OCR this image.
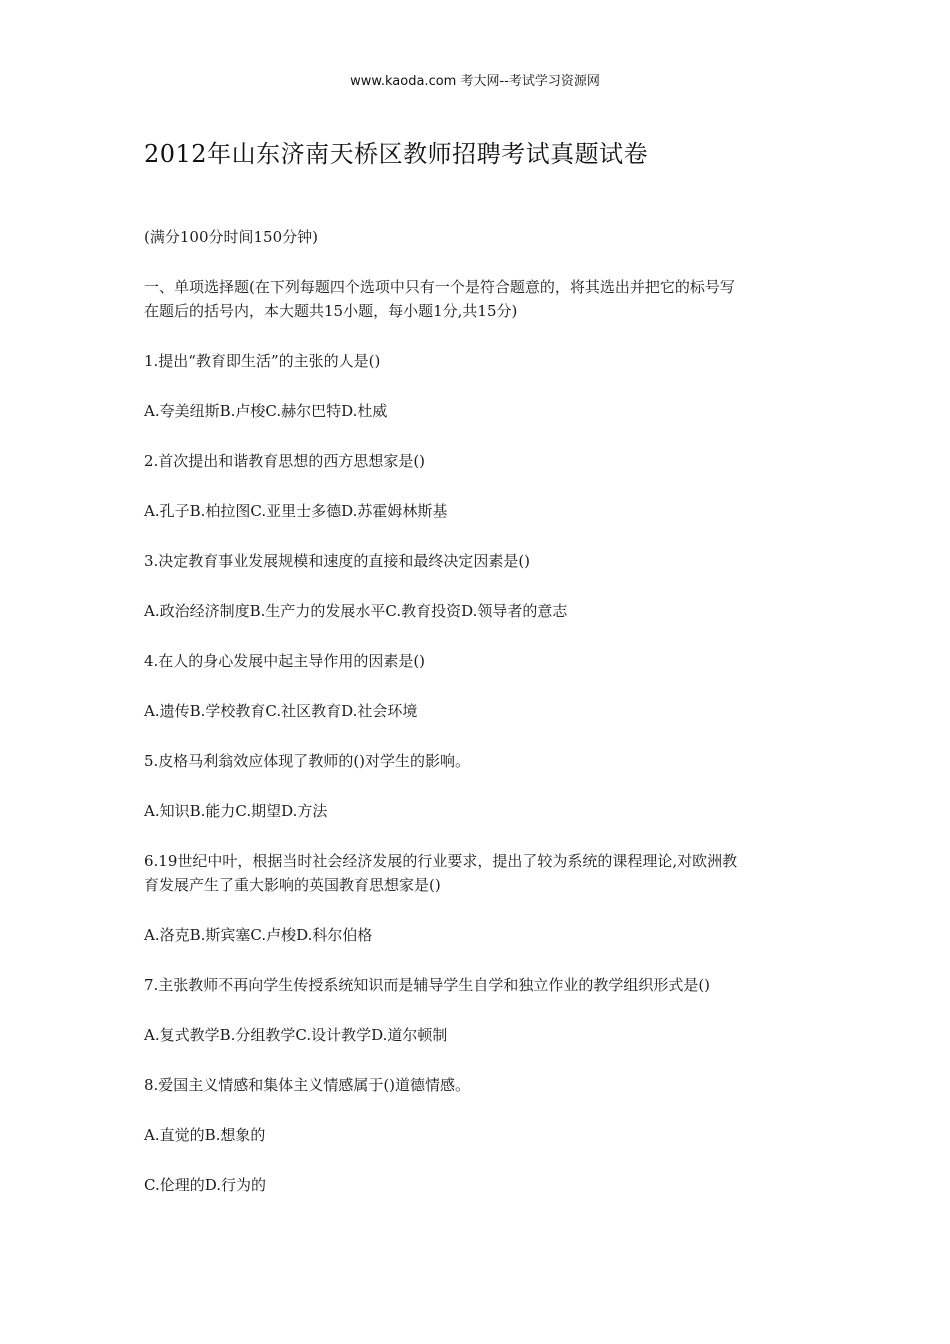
www.kaoda.com 考大网--考试学习资源网
2012年山东济南天桥区教师招聘考试真题试卷
(满分100分时间150分钟)
一、单项选择题(在下列每题四个选项中只有一个是符合题意的，将其选出并把它的标号写
在题后的括号内，本大题共15小题，每小题1分,共15分)
1.提出“教育即生活”的主张的人是()
A.夸美纽斯B.卢梭C.赫尔巴特D.杜威
2.首次提出和谐教育思想的西方思想家是()
A.孔子B.柏拉图C.亚里士多德D.苏霍姆林斯基
3.决定教育事业发展规模和速度的直接和最终决定因素是()
A.政治经济制度B.生产力的发展水平C.教育投资D.领导者的意志
4.在人的身心发展中起主导作用的因素是()
A.遗传B.学校教育C.社区教育D.社会环境
5.皮格马利翁效应体现了教师的()对学生的影响。
A.知识B.能力C.期望D.方法
6.19世纪中叶，根据当时社会经济发展的行业要求，提出了较为系统的课程理论,对欧洲教
育发展产生了重大影响的英国教育思想家是()
A.洛克B.斯宾塞C.卢梭D.科尔伯格
7.主张教师不再向学生传授系统知识而是辅导学生自学和独立作业的教学组织形式是()
A.复式教学B.分组教学C.设计教学D.道尔顿制
8.爱国主义情感和集体主义情感属于()道德情感。
A.直觉的B.想象的
C.伦理的D.行为的
